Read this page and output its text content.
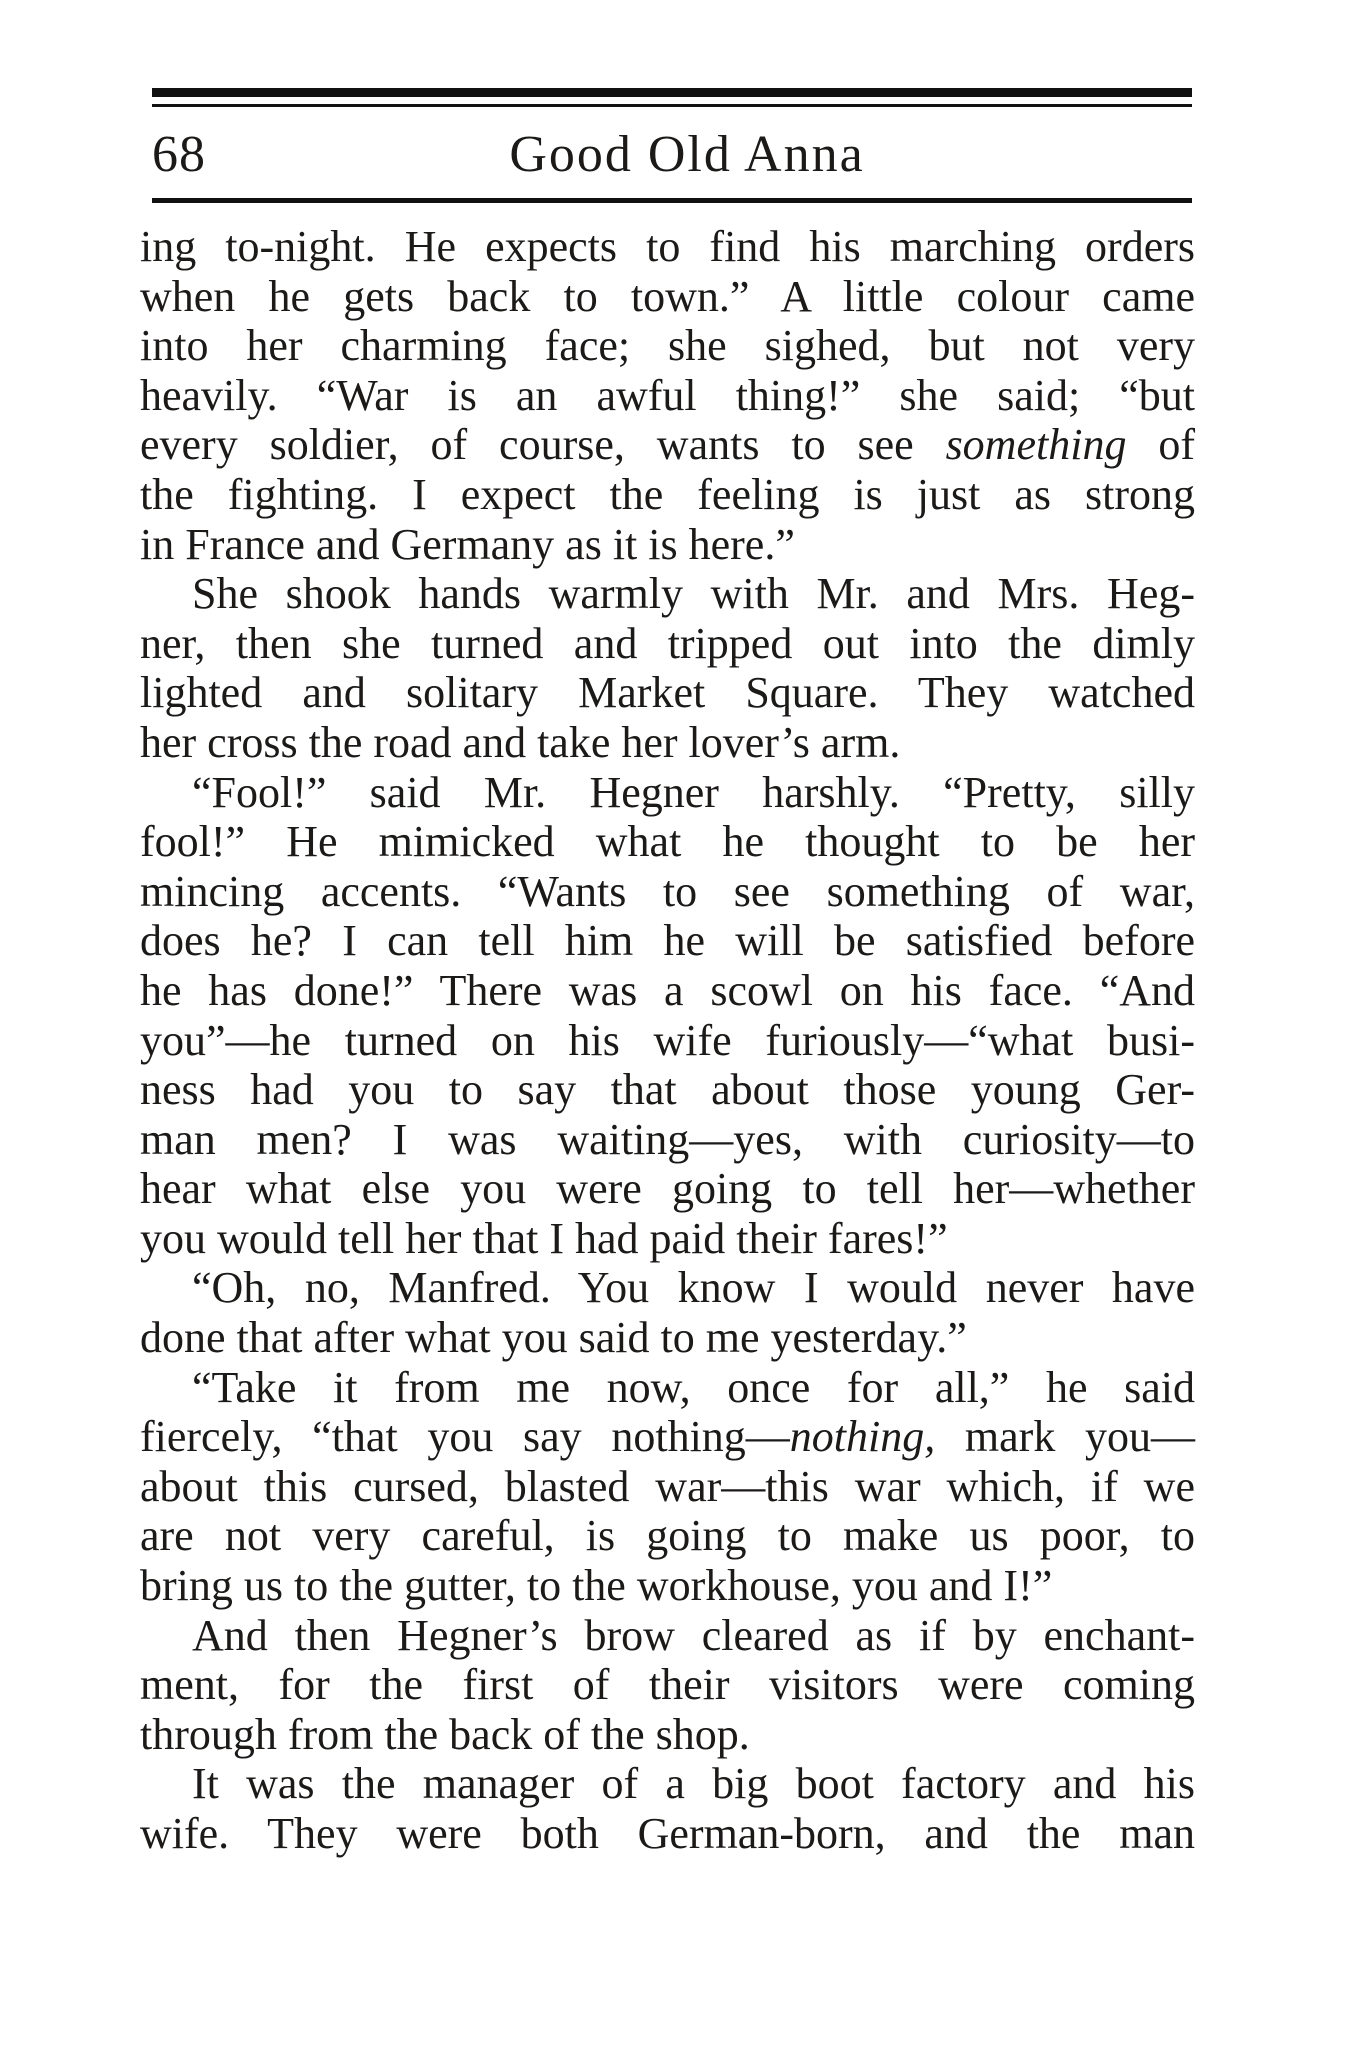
Good Old Anna
68
ing to-night. He expects to find his marching orders
when he gets back to town.” A little colour came
into her charming face; she sighed, but not very
heavily. “War is an awful thing!” she said; “but
every soldier, of course, wants to see something of
the fighting. I expect the feeling is just as strong
in France and Germany as it is here.”
She shook hands warmly with Mr. and Mrs. Heg-
ner, then she turned and tripped out into the dimly
lighted and solitary Market Square. They watched
her cross the road and take her lover’s arm.
“Fool!” said Mr. Hegner harshly. “Pretty, silly
fool!” He mimicked what he thought to be her
mincing accents. “Wants to see something of war,
does he? I can tell him he will be satisfied before
he has done!” There was a scowl on his face. “And
you”—he turned on his wife furiously—“what busi-
ness had you to say that about those young Ger-
man men? I was waiting—yes, with curiosity—to
hear what else you were going to tell her—whether
you would tell her that I had paid their fares!”
“Oh, no, Manfred. You know I would never have
done that after what you said to me yesterday.”
“Take it from me now, once for all,” he said
fiercely, “that you say nothing—nothing, mark you—
about this cursed, blasted war—this war which, if we
are not very careful, is going to make us poor, to
bring us to the gutter, to the workhouse, you and I!”
And then Hegner’s brow cleared as if by enchant-
ment, for the first of their visitors were coming
through from the back of the shop.
It was the manager of a big boot factory and his
wife. They were both German-born, and the man
